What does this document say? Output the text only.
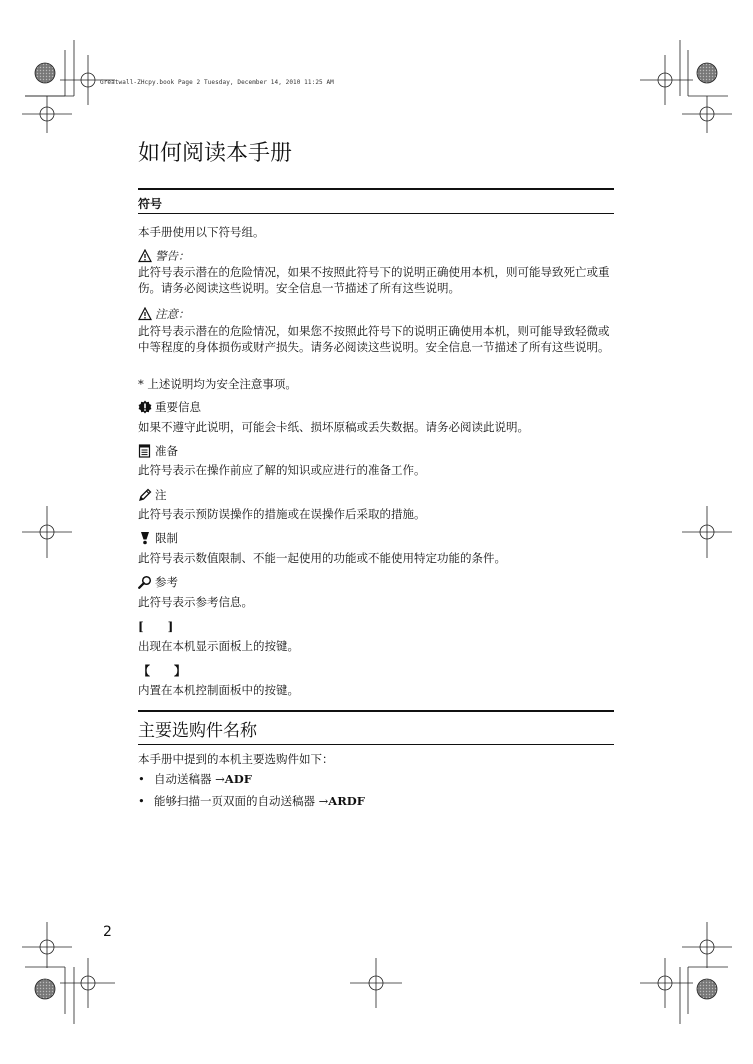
Greatwall-ZHcpy.book Page 2 Tuesday, December 14, 2010 11:25 AM
如何阅读本手册
符号
本手册使用以下符号组。
警告：
此符号表示潜在的危险情况，如果不按照此符号下的说明正确使用本机，则可能导致死亡或重伤。请务必阅读这些说明。安全信息一节描述了所有这些说明。
注意：
此符号表示潜在的危险情况，如果您不按照此符号下的说明正确使用本机，则可能导致轻微或中等程度的身体损伤或财产损失。请务必阅读这些说明。安全信息一节描述了所有这些说明。
* 上述说明均为安全注意事项。
重要信息
如果不遵守此说明，可能会卡纸、损坏原稿或丢失数据。请务必阅读此说明。
准备
此符号表示在操作前应了解的知识或应进行的准备工作。
注
此符号表示预防误操作的措施或在误操作后采取的措施。
限制
此符号表示数值限制、不能一起使用的功能或不能使用特定功能的条件。
参考
此符号表示参考信息。
[　　]
出现在本机显示面板上的按键。
【　　】
内置在本机控制面板中的按键。
主要选购件名称
本手册中提到的本机主要选购件如下：
• 自动送稿器 →ADF
• 能够扫描一页双面的自动送稿器 →ARDF
2
